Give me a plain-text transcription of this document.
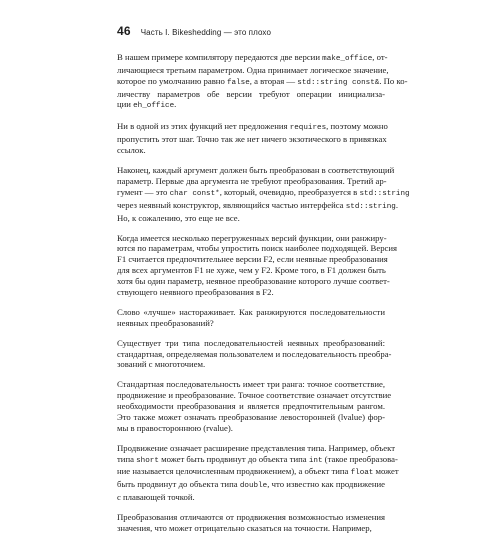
46 Часть I. Bikeshedding — это плохо
В нашем примере компилятору передаются две версии make_office, от-
личающиеся третьим параметром. Одна принимает логическое значение,
которое по умолчанию равно false, а вторая — std::string const&. По ко-
личеству параметров обе версии требуют операции инициализа-
ции eh_office.
Ни в одной из этих функций нет предложения requires, поэтому можно
пропустить этот шаг. Точно так же нет ничего экзотического в привязках
ссылок.
Наконец, каждый аргумент должен быть преобразован в соответствующий
параметр. Первые два аргумента не требуют преобразования. Третий ар-
гумент — это char const*, который, очевидно, преобразуется в std::string
через неявный конструктор, являющийся частью интерфейса std::string.
Но, к сожалению, это еще не все.
Когда имеется несколько перегруженных версий функции, они ранжиру-
ются по параметрам, чтобы упростить поиск наиболее подходящей. Версия
F1 считается предпочтительнее версии F2, если неявные преобразования
для всех аргументов F1 не хуже, чем у F2. Кроме того, в F1 должен быть
хотя бы один параметр, неявное преобразование которого лучше соответ-
ствующего неявного преобразования в F2.
Слово «лучше» настораживает. Как ранжируются последовательности
неявных преобразований?
Существует три типа последовательностей неявных преобразований:
стандартная, определяемая пользователем и последовательность преобра-
зований с многоточием.
Стандартная последовательность имеет три ранга: точное соответствие,
продвижение и преобразование. Точное соответствие означает отсутствие
необходимости преобразования и является предпочтительным рангом.
Это также может означать преобразование левосторонней (lvalue) фор-
мы в правостороннюю (rvalue).
Продвижение означает расширение представления типа. Например, объект
типа short может быть продвинут до объекта типа int (такое преобразова-
ние называется целочисленным продвижением), а объект типа float может
быть продвинут до объекта типа double, что известно как продвижение
с плавающей точкой.
Преобразования отличаются от продвижения возможностью изменения
значения, что может отрицательно сказаться на точности. Например,
